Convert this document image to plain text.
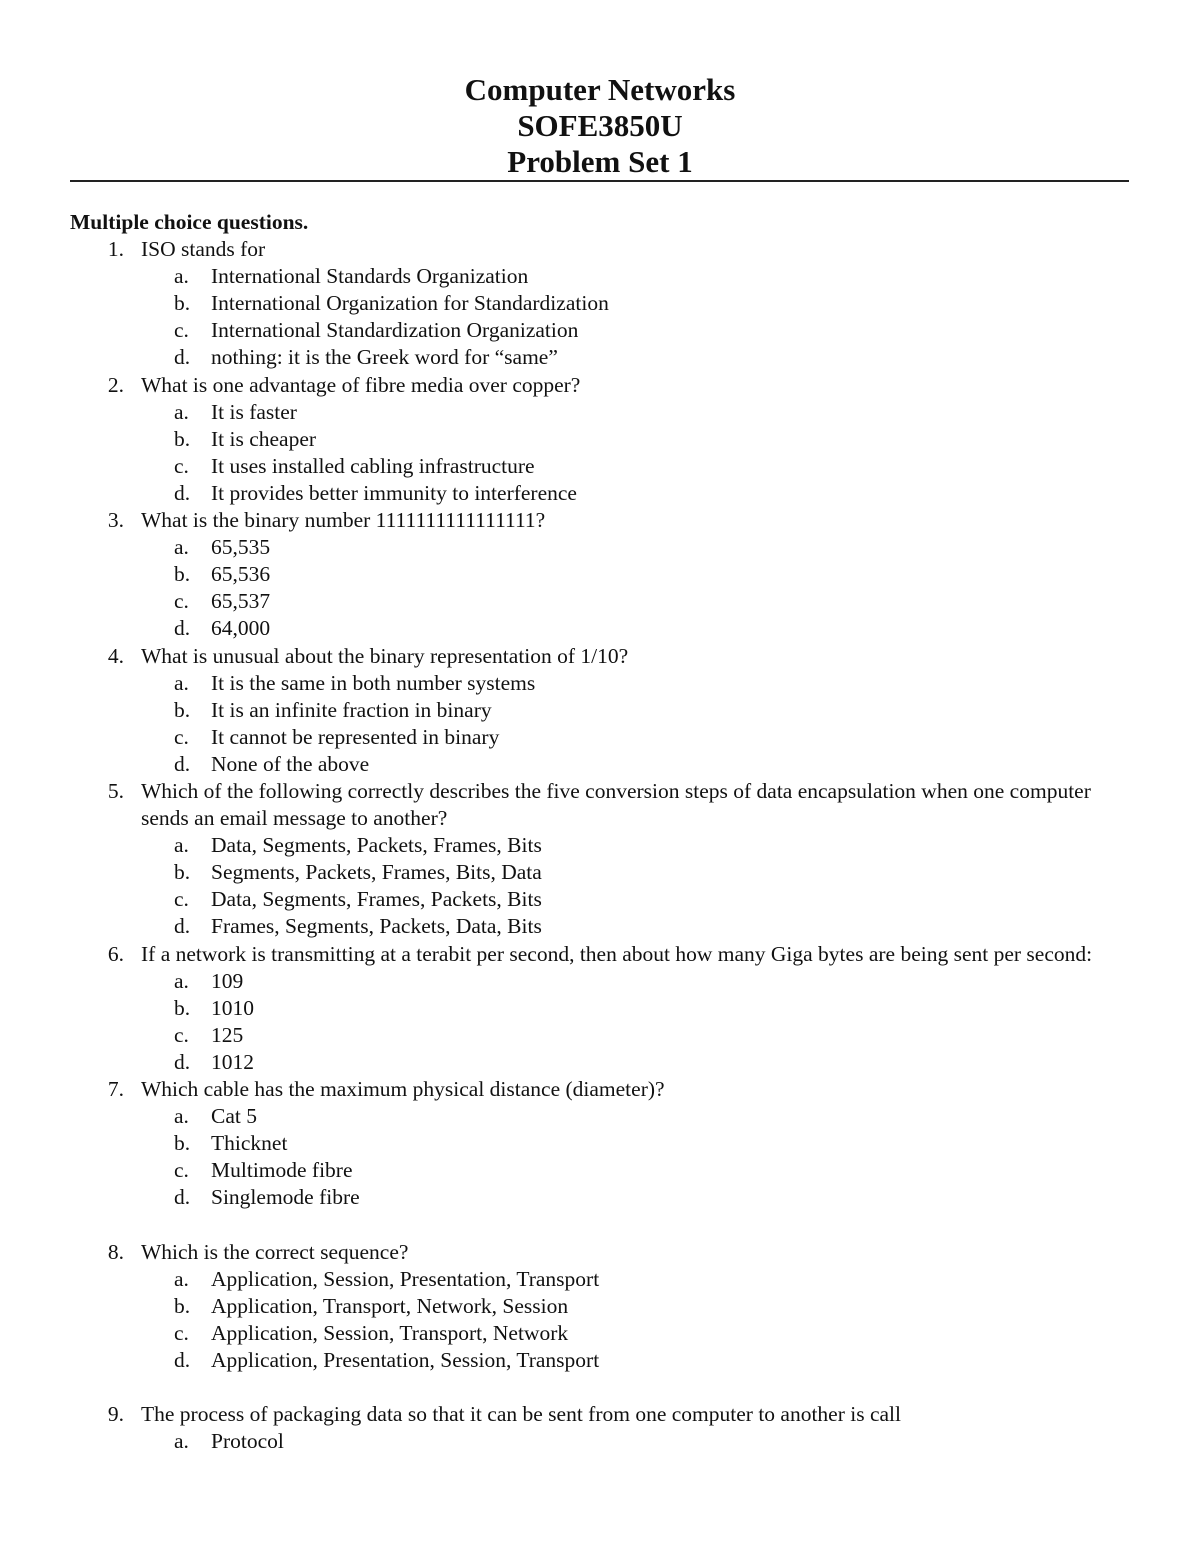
Computer Networks
SOFE3850U
Problem Set 1
Multiple choice questions.
1. ISO stands for
a. International Standards Organization
b. International Organization for Standardization
c. International Standardization Organization
d. nothing: it is the Greek word for “same”
2. What is one advantage of fibre media over copper?
a. It is faster
b. It is cheaper
c. It uses installed cabling infrastructure
d. It provides better immunity to interference
3. What is the binary number 1111111111111111?
a. 65,535
b. 65,536
c. 65,537
d. 64,000
4. What is unusual about the binary representation of 1/10?
a. It is the same in both number systems
b. It is an infinite fraction in binary
c. It cannot be represented in binary
d. None of the above
5. Which of the following correctly describes the five conversion steps of data encapsulation when one computer sends an email message to another?
a. Data, Segments, Packets, Frames, Bits
b. Segments, Packets, Frames, Bits, Data
c. Data, Segments, Frames, Packets, Bits
d. Frames, Segments, Packets, Data, Bits
6. If a network is transmitting at a terabit per second, then about how many Giga bytes are being sent per second:
a. 109
b. 1010
c. 125
d. 1012
7. Which cable has the maximum physical distance (diameter)?
a. Cat 5
b. Thicknet
c. Multimode fibre
d. Singlemode fibre
8. Which is the correct sequence?
a. Application, Session, Presentation, Transport
b. Application, Transport, Network, Session
c. Application, Session, Transport, Network
d. Application, Presentation, Session, Transport
9. The process of packaging data so that it can be sent from one computer to another is call
a. Protocol
